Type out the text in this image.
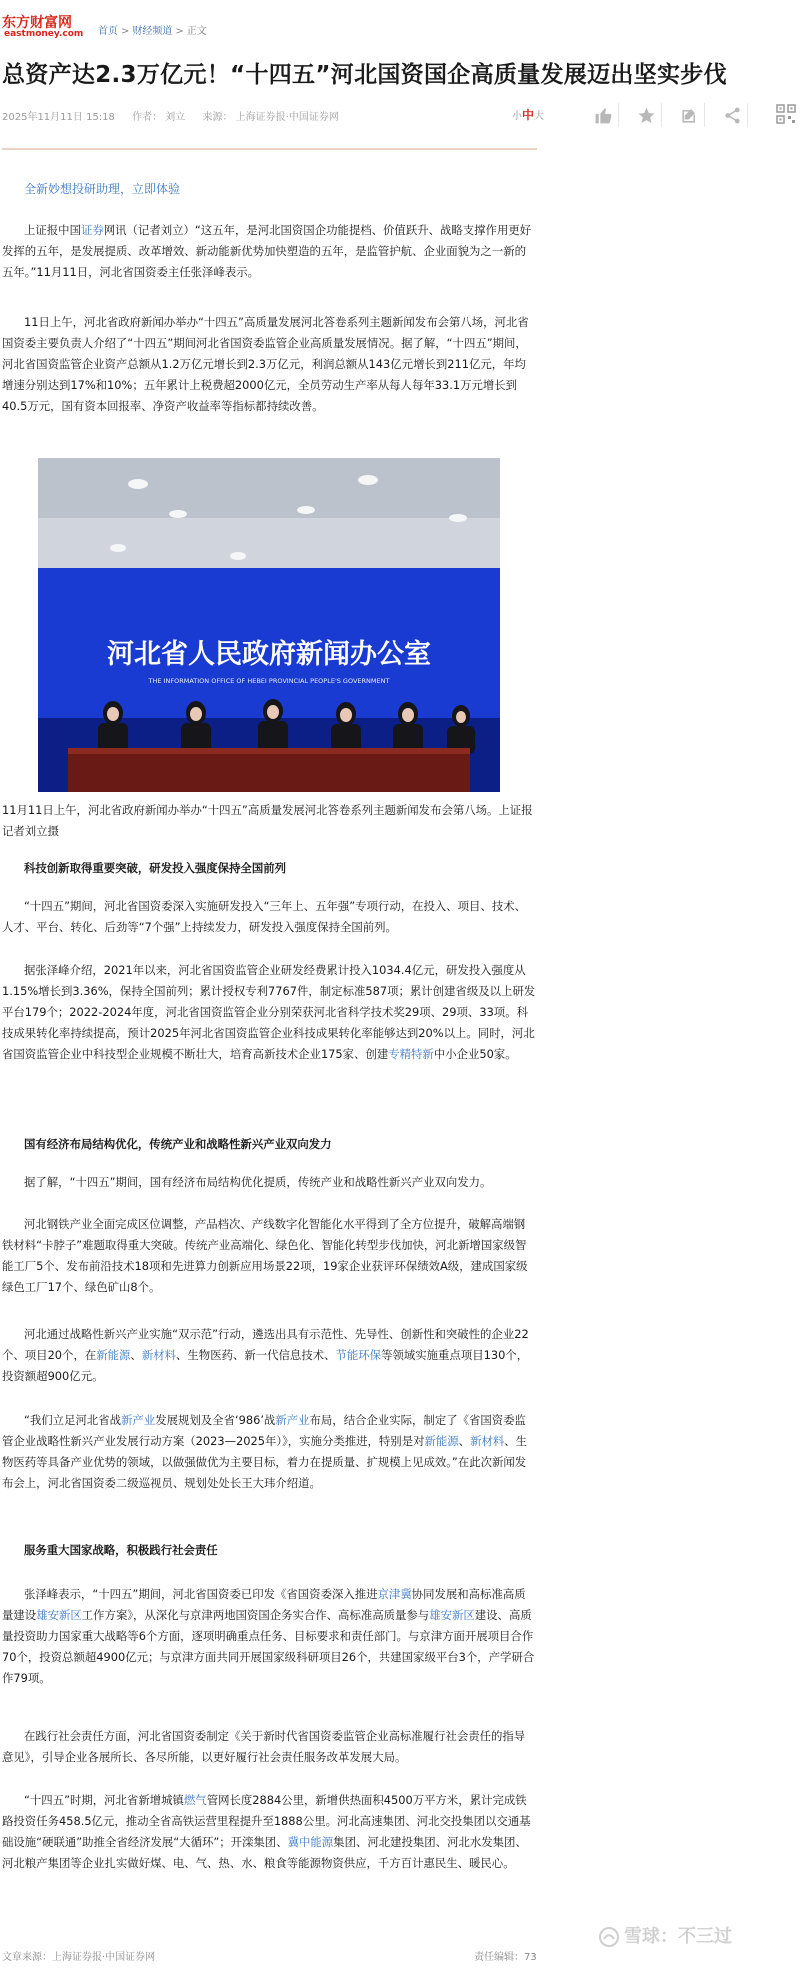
东方财富网
eastmoney.com 首页 > 财经频道 > 正文
总资产达2.3万亿元！“十四五”河北国资国企高质量发展迈出坚实步伐
2025年11月11日 15:18 作者： 刘立 来源： 上海证券报·中国证券网	小中大
全新妙想投研助理，立即体验
上证报中国证券网讯（记者刘立）“这五年，是河北国资国企功能提档、价值跃升、战略支撑作用更好发挥的五年，是发展提质、改革增效、新动能新优势加快塑造的五年，是监管护航、企业面貌为之一新的五年。”11月11日，河北省国资委主任张泽峰表示。
11日上午，河北省政府新闻办举办“十四五”高质量发展河北答卷系列主题新闻发布会第八场，河北省国资委主要负责人介绍了“十四五”期间河北省国资委监管企业高质量发展情况。据了解，“十四五”期间，河北省国资监管企业资产总额从1.2万亿元增长到2.3万亿元，利润总额从143亿元增长到211亿元，年均增速分别达到17%和10%；五年累计上税费超2000亿元，全员劳动生产率从每人每年33.1万元增长到40.5万元，国有资本回报率、净资产收益率等指标都持续改善。
河北省人民政府新闻办公室
THE INFORMATION OFFICE OF HEBEI PROVINCIAL PEOPLE'S GOVERNMENT
11月11日上午，河北省政府新闻办举办“十四五”高质量发展河北答卷系列主题新闻发布会第八场。上证报记者刘立摄
科技创新取得重要突破，研发投入强度保持全国前列
“十四五”期间，河北省国资委深入实施研发投入“三年上、五年强”专项行动，在投入、项目、技术、人才、平台、转化、后劲等“7个强”上持续发力，研发投入强度保持全国前列。
据张泽峰介绍，2021年以来，河北省国资监管企业研发经费累计投入1034.4亿元，研发投入强度从1.15%增长到3.36%，保持全国前列；累计授权专利7767件，制定标准587项；累计创建省级及以上研发平台179个；2022-2024年度，河北省国资监管企业分别荣获河北省科学技术奖29项、29项、33项。科技成果转化率持续提高，预计2025年河北省国资监管企业科技成果转化率能够达到20%以上。同时，河北省国资监管企业中科技型企业规模不断壮大，培育高新技术企业175家、创建专精特新中小企业50家。
国有经济布局结构优化，传统产业和战略性新兴产业双向发力
据了解，“十四五”期间，国有经济布局结构优化提质，传统产业和战略性新兴产业双向发力。
河北钢铁产业全面完成区位调整，产品档次、产线数字化智能化水平得到了全方位提升，破解高端钢铁材料“卡脖子”难题取得重大突破。传统产业高端化、绿色化、智能化转型步伐加快，河北新增国家级智能工厂5个、发布前沿技术18项和先进算力创新应用场景22项，19家企业获评环保绩效A级，建成国家级绿色工厂17个、绿色矿山8个。
河北通过战略性新兴产业实施“双示范”行动，遴选出具有示范性、先导性、创新性和突破性的企业22个、项目20个，在新能源、新材料、生物医药、新一代信息技术、节能环保等领域实施重点项目130个，投资额超900亿元。
“我们立足河北省战新产业发展规划及全省‘986’战新产业布局，结合企业实际，制定了《省国资委监管企业战略性新兴产业发展行动方案（2023—2025年）》，实施分类推进，特别是对新能源、新材料、生物医药等具备产业优势的领域，以做强做优为主要目标，着力在提质量、扩规模上见成效。”在此次新闻发布会上，河北省国资委二级巡视员、规划处处长王大玮介绍道。
服务重大国家战略，积极践行社会责任
张泽峰表示，“十四五”期间，河北省国资委已印发《省国资委深入推进京津冀协同发展和高标准高质量建设雄安新区工作方案》，从深化与京津两地国资国企务实合作、高标准高质量参与雄安新区建设、高质量投资助力国家重大战略等6个方面，逐项明确重点任务、目标要求和责任部门。与京津方面开展项目合作70个，投资总额超4900亿元；与京津方面共同开展国家级科研项目26个，共建国家级平台3个，产学研合作79项。
在践行社会责任方面，河北省国资委制定《关于新时代省国资委监管企业高标准履行社会责任的指导意见》，引导企业各展所长、各尽所能，以更好履行社会责任服务改革发展大局。
“十四五”时期，河北省新增城镇燃气管网长度2884公里，新增供热面积4500万平方米，累计完成铁路投资任务458.5亿元，推动全省高铁运营里程提升至1888公里。河北高速集团、河北交投集团以交通基础设施“硬联通”助推全省经济发展“大循环”；开滦集团、冀中能源集团、河北建投集团、河北水发集团、河北粮产集团等企业扎实做好煤、电、气、热、水、粮食等能源物资供应，千方百计惠民生、暖民心。
雪球：不三过
文章来源：上海证券报·中国证券网	责任编辑：73
